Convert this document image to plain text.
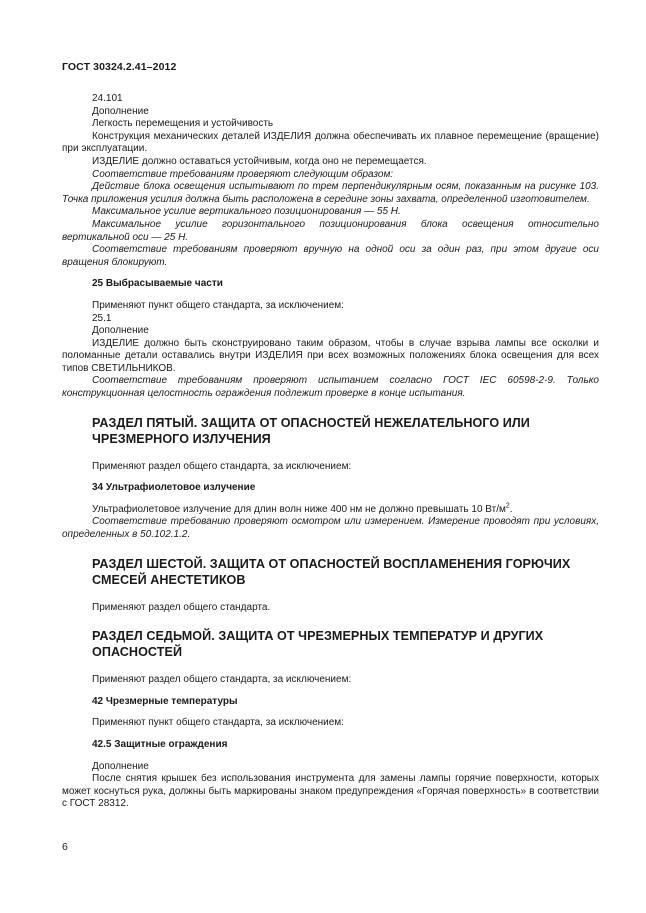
ГОСТ 30324.2.41–2012

24.101

Дополнение

Легкость перемещения и устойчивость

Конструкция механических деталей ИЗДЕЛИЯ должна обеспечивать их плавное перемещение (вращение) при эксплуатации.

ИЗДЕЛИЕ должно оставаться устойчивым, когда оно не перемещается.

Соответствие требованиям проверяют следующим образом:

Действие блока освещения испытывают по трем перпендикулярным осям, показанным на рисунке 103. Точка приложения усилия должна быть расположена в середине зоны захвата, определенной изготовителем.

Максимальное усилие вертикального позиционирования — 55 Н.

Максимальное усилие горизонтального позиционирования блока освещения относительно вертикальной оси — 25 Н.

Соответствие требованиям проверяют вручную на одной оси за один раз, при этом другие оси вращения блокируют.

25 Выбрасываемые части

Применяют пункт общего стандарта, за исключением:

25.1

Дополнение

ИЗДЕЛИЕ должно быть сконструировано таким образом, чтобы в случае взрыва лампы все осколки и поломанные детали оставались внутри ИЗДЕЛИЯ при всех возможных положениях блока освещения для всех типов СВЕТИЛЬНИКОВ.

Соответствие требованиям проверяют испытанием согласно ГОСТ IEC 60598-2-9. Только конструкционная целостность ограждения подлежит проверке в конце испытания.

РАЗДЕЛ ПЯТЫЙ. ЗАЩИТА ОТ ОПАСНОСТЕЙ НЕЖЕЛАТЕЛЬНОГО ИЛИ ЧРЕЗМЕРНОГО ИЗЛУЧЕНИЯ

Применяют раздел общего стандарта, за исключением:

34 Ультрафиолетовое излучение

Ультрафиолетовое излучение для длин волн ниже 400 нм не должно превышать 10 $Вт/м^2$.

Соответствие требованию проверяют осмотром или измерением. Измерение проводят при условиях, определенных в 50.102.1.2.

РАЗДЕЛ ШЕСТОЙ. ЗАЩИТА ОТ ОПАСНОСТЕЙ ВОСПЛАМЕНЕНИЯ ГОРЮЧИХ СМЕСЕЙ АНЕСТЕТИКОВ

Применяют раздел общего стандарта.

РАЗДЕЛ СЕДЬМОЙ. ЗАЩИТА ОТ ЧРЕЗМЕРНЫХ ТЕМПЕРАТУР И ДРУГИХ ОПАСНОСТЕЙ

Применяют раздел общего стандарта, за исключением:

42 Чрезмерные температуры

Применяют пункт общего стандарта, за исключением:

42.5 Защитные ограждения

Дополнение

После снятия крышек без использования инструмента для замены лампы горячие поверхности, которых может коснуться рука, должны быть маркированы знаком предупреждения «Горячая поверхность» в соответствии с ГОСТ 28312.

6
